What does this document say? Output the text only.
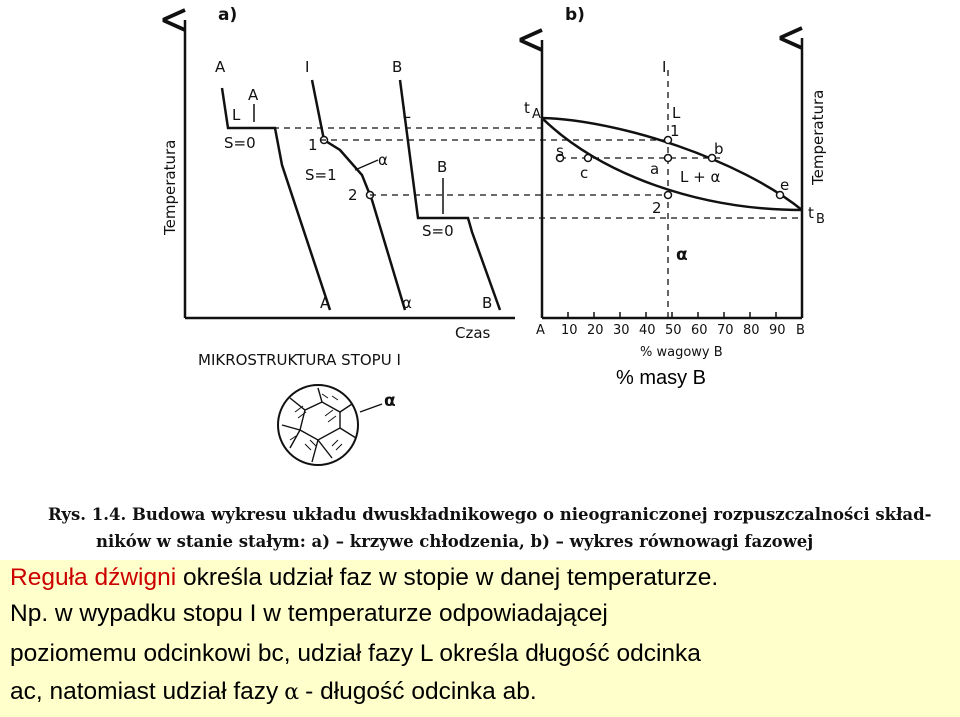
a)
Temperatura
Czas
A
A
L
S=0
A
I
1
S=1
2
α
α
B
L
B
S=0
B
b)
Temperatura
I
t A
t B
L
1
2
s
c	a
b
e
L + α
α
A 10 20 30 40 50 60 70 80 90 B
% wagowy B
MIKROSTRUKTURA STOPU I
α
% masy B
Rys. 1.4. Budowa wykresu układu dwuskładnikowego o nieograniczonej rozpuszczalności skład-
ników w stanie stałym: a) – krzywe chłodzenia, b) – wykres równowagi fazowej
Reguła dźwigni określa udział faz w stopie w danej temperaturze.
Np. w wypadku stopu I w temperaturze odpowiadającej
poziomemu odcinkowi bc, udział fazy L określa długość odcinka
ac, natomiast udział fazy α - długość odcinka ab.
